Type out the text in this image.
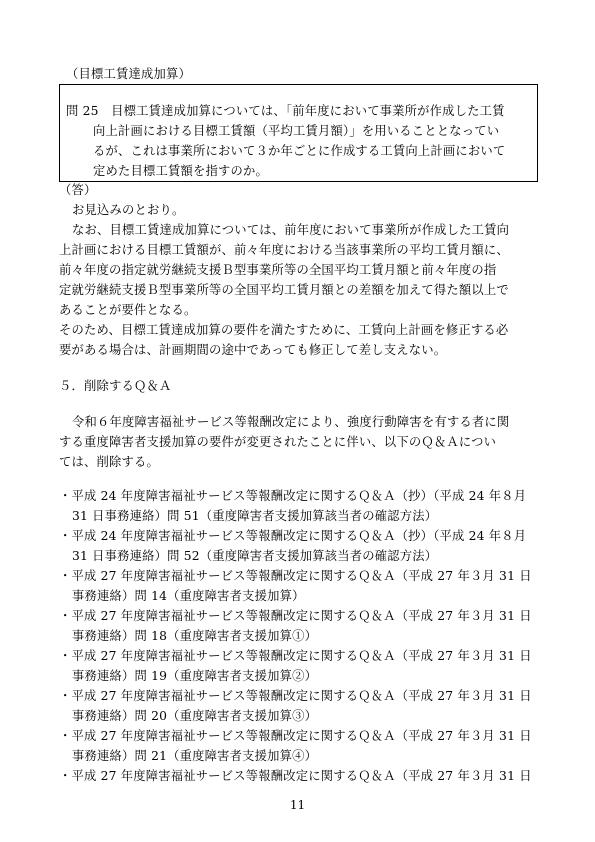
（目標工賃達成加算）
問 25　目標工賃達成加算については、「前年度において事業所が作成した工賃
向上計画における目標工賃額（平均工賃月額）」を用いることとなってい
るが、これは事業所において３か年ごとに作成する工賃向上計画において
定めた目標工賃額を指すのか。
（答）
お見込みのとおり。
なお、目標工賃達成加算については、前年度において事業所が作成した工賃向
上計画における目標工賃額が、前々年度における当該事業所の平均工賃月額に、
前々年度の指定就労継続支援Ｂ型事業所等の全国平均工賃月額と前々年度の指
定就労継続支援Ｂ型事業所等の全国平均工賃月額との差額を加えて得た額以上で
あることが要件となる。
そのため、目標工賃達成加算の要件を満たすために、工賃向上計画を修正する必
要がある場合は、計画期間の途中であっても修正して差し支えない。
５．削除するＱ＆Ａ
令和６年度障害福祉サービス等報酬改定により、強度行動障害を有する者に関
する重度障害者支援加算の要件が変更されたことに伴い、以下のＱ＆Ａについ
ては、削除する。
・平成 24 年度障害福祉サービス等報酬改定に関するＱ＆Ａ（抄）（平成 24 年８月
31 日事務連絡）問 51（重度障害者支援加算該当者の確認方法）
・平成 24 年度障害福祉サービス等報酬改定に関するＱ＆Ａ（抄）（平成 24 年８月
31 日事務連絡）問 52（重度障害者支援加算該当者の確認方法）
・平成 27 年度障害福祉サービス等報酬改定に関するＱ＆Ａ（平成 27 年３月 31 日
事務連絡）問 14（重度障害者支援加算）
・平成 27 年度障害福祉サービス等報酬改定に関するＱ＆Ａ（平成 27 年３月 31 日
事務連絡）問 18（重度障害者支援加算①）
・平成 27 年度障害福祉サービス等報酬改定に関するＱ＆Ａ（平成 27 年３月 31 日
事務連絡）問 19（重度障害者支援加算②）
・平成 27 年度障害福祉サービス等報酬改定に関するＱ＆Ａ（平成 27 年３月 31 日
事務連絡）問 20（重度障害者支援加算③）
・平成 27 年度障害福祉サービス等報酬改定に関するＱ＆Ａ（平成 27 年３月 31 日
事務連絡）問 21（重度障害者支援加算④）
・平成 27 年度障害福祉サービス等報酬改定に関するＱ＆Ａ（平成 27 年３月 31 日
11
